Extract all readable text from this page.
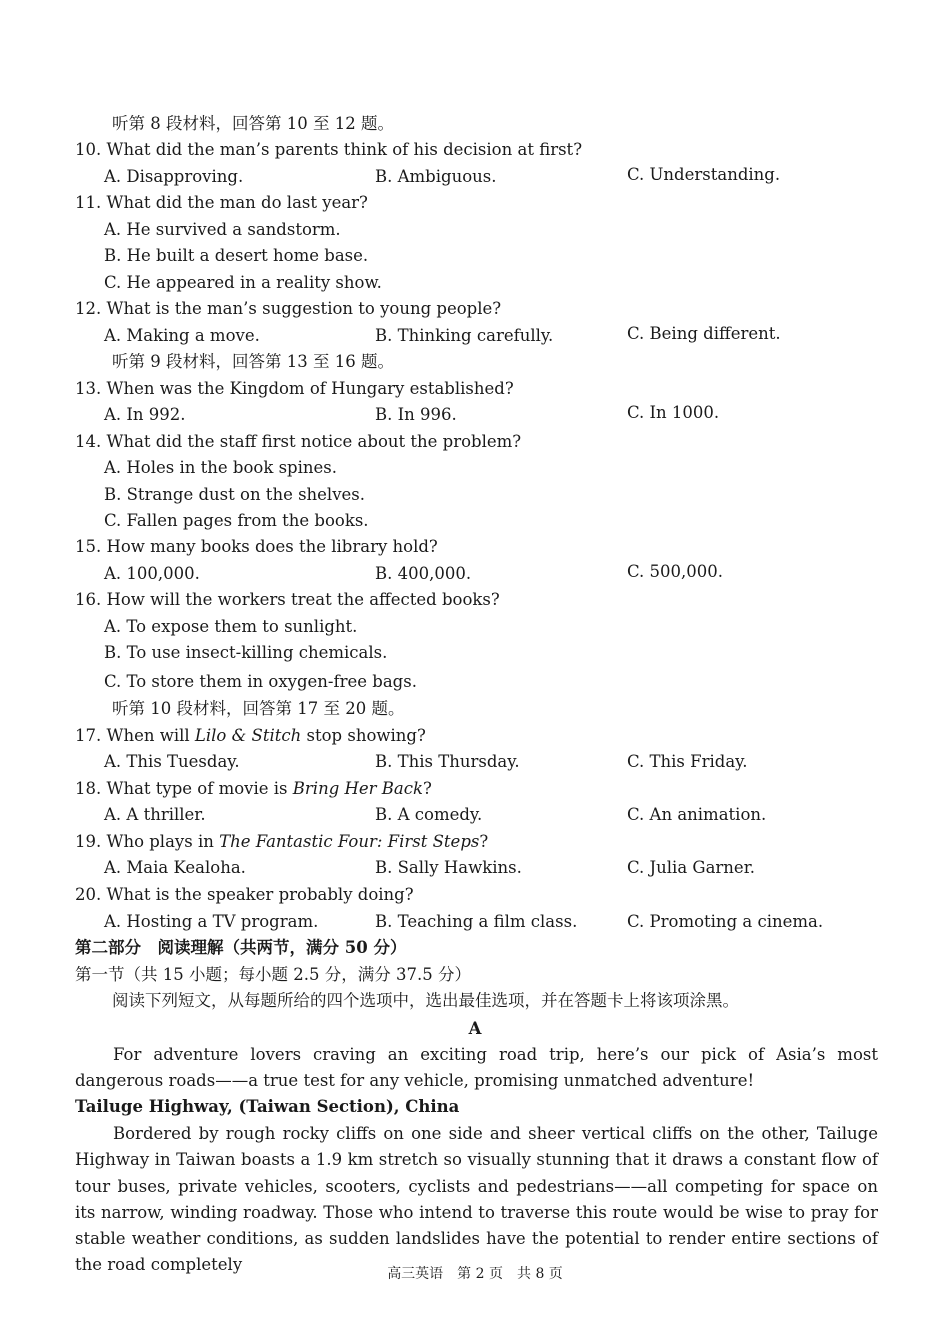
听第 8 段材料，回答第 10 至 12 题。
10. What did the man’s parents think of his decision at first?
A. Disapproving.	B. Ambiguous.	C. Understanding.
11. What did the man do last year?
A. He survived a sandstorm.
B. He built a desert home base.
C. He appeared in a reality show.
12. What is the man’s suggestion to young people?
A. Making a move.	B. Thinking carefully.	C. Being different.
听第 9 段材料，回答第 13 至 16 题。
13. When was the Kingdom of Hungary established?
A. In 992.	B. In 996.	C. In 1000.
14. What did the staff first notice about the problem?
A. Holes in the book spines.
B. Strange dust on the shelves.
C. Fallen pages from the books.
15. How many books does the library hold?
A. 100,000.	B. 400,000.	C. 500,000.
16. How will the workers treat the affected books?
A. To expose them to sunlight.
B. To use insect-killing chemicals.
C. To store them in oxygen-free bags.
听第 10 段材料，回答第 17 至 20 题。
17. When will Lilo & Stitch stop showing?
A. This Tuesday.	B. This Thursday.	C. This Friday.
18. What type of movie is Bring Her Back?
A. A thriller.	B. A comedy.	C. An animation.
19. Who plays in The Fantastic Four: First Steps?
A. Maia Kealoha.	B. Sally Hawkins.	C. Julia Garner.
20. What is the speaker probably doing?
A. Hosting a TV program.	B. Teaching a film class.	C. Promoting a cinema.
第二部分　阅读理解（共两节，满分 50 分）
第一节（共 15 小题；每小题 2.5 分，满分 37.5 分）
阅读下列短文，从每题所给的四个选项中，选出最佳选项，并在答题卡上将该项涂黑。
A
For adventure lovers craving an exciting road trip, here’s our pick of Asia’s most dangerous roads——a true test for any vehicle, promising unmatched adventure!
Tailuge Highway, (Taiwan Section), China
Bordered by rough rocky cliffs on one side and sheer vertical cliffs on the other, Tailuge Highway in Taiwan boasts a 1.9 km stretch so visually stunning that it draws a constant flow of tour buses, private vehicles, scooters, cyclists and pedestrians——all competing for space on its narrow, winding roadway. Those who intend to traverse this route would be wise to pray for stable weather conditions, as sudden landslides have the potential to render entire sections of the road completely	高三英语　第 2 页　共 8 页
